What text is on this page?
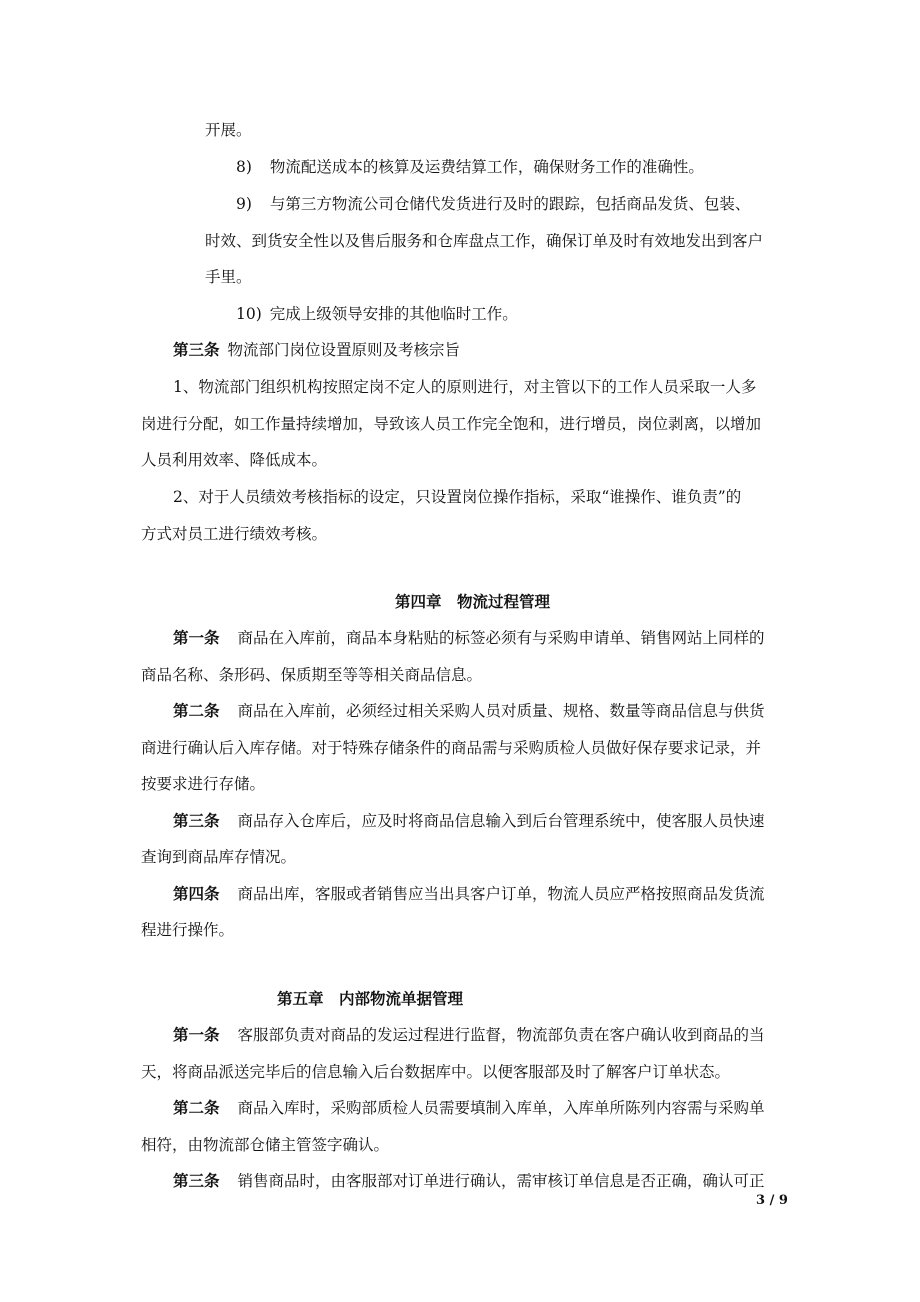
开展。

8) 物流配送成本的核算及运费结算工作，确保财务工作的准确性。

9) 与第三方物流公司仓储代发货进行及时的跟踪，包括商品发货、包装、

时效、到货安全性以及售后服务和仓库盘点工作，确保订单及时有效地发出到客户

手里。

10) 完成上级领导安排的其他临时工作。

第三条 物流部门岗位设置原则及考核宗旨

1、物流部门组织机构按照定岗不定人的原则进行，对主管以下的工作人员采取一人多

岗进行分配，如工作量持续增加，导致该人员工作完全饱和，进行增员，岗位剥离，以增加

人员利用效率、降低成本。

2、对于人员绩效考核指标的设定，只设置岗位操作指标，采取“谁操作、谁负责”的

方式对员工进行绩效考核。

第四章　物流过程管理

第一条 商品在入库前，商品本身粘贴的标签必须有与采购申请单、销售网站上同样的

商品名称、条形码、保质期至等等相关商品信息。

第二条 商品在入库前，必须经过相关采购人员对质量、规格、数量等商品信息与供货

商进行确认后入库存储。对于特殊存储条件的商品需与采购质检人员做好保存要求记录，并

按要求进行存储。

第三条 商品存入仓库后，应及时将商品信息输入到后台管理系统中，使客服人员快速

查询到商品库存情况。

第四条 商品出库，客服或者销售应当出具客户订单，物流人员应严格按照商品发货流

程进行操作。

第五章　内部物流单据管理

第一条 客服部负责对商品的发运过程进行监督，物流部负责在客户确认收到商品的当

天，将商品派送完毕后的信息输入后台数据库中。以便客服部及时了解客户订单状态。

第二条 商品入库时，采购部质检人员需要填制入库单，入库单所陈列内容需与采购单

相符，由物流部仓储主管签字确认。

第三条 销售商品时，由客服部对订单进行确认，需审核订单信息是否正确，确认可正

3 / 9
